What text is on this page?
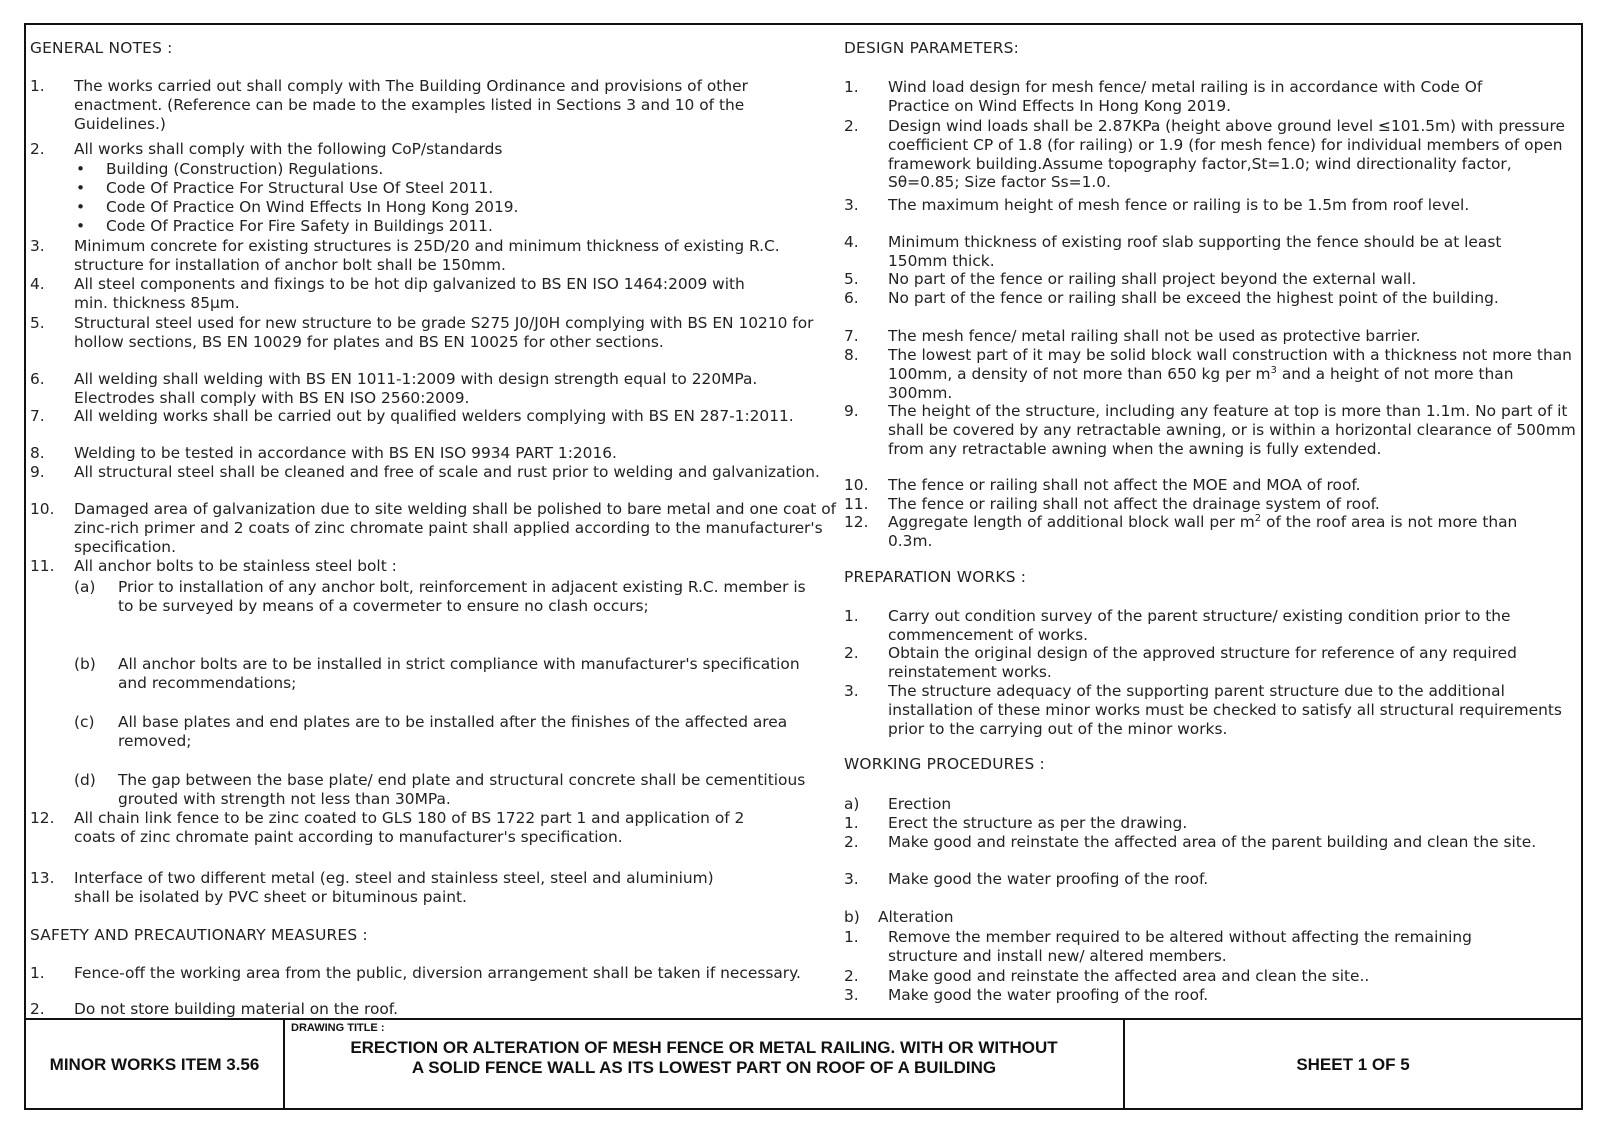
GENERAL NOTES :
1. The works carried out shall comply with The Building Ordinance and provisions of other enactment. (Reference can be made to the examples listed in Sections 3 and 10 of the Guidelines.)
2. All works shall comply with the following CoP/standards
• Building (Construction) Regulations.
• Code Of Practice For Structural Use Of Steel 2011.
• Code Of Practice On Wind Effects In Hong Kong 2019.
• Code Of Practice For Fire Safety in Buildings 2011.
3. Minimum concrete for existing structures is 25D/20 and minimum thickness of existing R.C. structure for installation of anchor bolt shall be 150mm.
4. All steel components and fixings to be hot dip galvanized to BS EN ISO 1464:2009 with min. thickness 85µm.
5. Structural steel used for new structure to be grade S275 J0/J0H complying with BS EN 10210 for hollow sections, BS EN 10029 for plates and BS EN 10025 for other sections.
6. All welding shall welding with BS EN 1011-1:2009 with design strength equal to 220MPa. Electrodes shall comply with BS EN ISO 2560:2009.
7. All welding works shall be carried out by qualified welders complying with BS EN 287-1:2011.
8. Welding to be tested in accordance with BS EN ISO 9934 PART 1:2016.
9. All structural steel shall be cleaned and free of scale and rust prior to welding and galvanization.
10. Damaged area of galvanization due to site welding shall be polished to bare metal and one coat of zinc-rich primer and 2 coats of zinc chromate paint shall applied according to the manufacturer's specification.
11. All anchor bolts to be stainless steel bolt :
(a) Prior to installation of any anchor bolt, reinforcement in adjacent existing R.C. member is to be surveyed by means of a covermeter to ensure no clash occurs;
(b) All anchor bolts are to be installed in strict compliance with manufacturer's specification and recommendations;
(c) All base plates and end plates are to be installed after the finishes of the affected area removed;
(d) The gap between the base plate/ end plate and structural concrete shall be cementitious grouted with strength not less than 30MPa.
12. All chain link fence to be zinc coated to GLS 180 of BS 1722 part 1 and application of 2 coats of zinc chromate paint according to manufacturer's specification.
13. Interface of two different metal (eg. steel and stainless steel, steel and aluminium) shall be isolated by PVC sheet or bituminous paint.
SAFETY AND PRECAUTIONARY MEASURES :
1. Fence-off the working area from the public, diversion arrangement shall be taken if necessary.
2. Do not store building material on the roof.
DESIGN PARAMETERS:
1. Wind load design for mesh fence/ metal railing is in accordance with Code Of Practice on Wind Effects In Hong Kong 2019.
2. Design wind loads shall be 2.87KPa (height above ground level ≤101.5m) with pressure coefficient CP of 1.8 (for railing) or 1.9 (for mesh fence) for individual members of open framework building.Assume topography factor,St=1.0; wind directionality factor, Sθ=0.85; Size factor Ss=1.0.
3. The maximum height of mesh fence or railing is to be 1.5m from roof level.
4. Minimum thickness of existing roof slab supporting the fence should be at least 150mm thick.
5. No part of the fence or railing shall project beyond the external wall.
6. No part of the fence or railing shall be exceed the highest point of the building.
7. The mesh fence/ metal railing shall not be used as protective barrier.
8. The lowest part of it may be solid block wall construction with a thickness not more than 100mm, a density of not more than 650 kg per $m^3$ and a height of not more than 300mm.
9. The height of the structure, including any feature at top is more than 1.1m. No part of it shall be covered by any retractable awning, or is within a horizontal clearance of 500mm from any retractable awning when the awning is fully extended.
10. The fence or railing shall not affect the MOE and MOA of roof.
11. The fence or railing shall not affect the drainage system of roof.
12. Aggregate length of additional block wall per $m^2$ of the roof area is not more than 0.3m.
PREPARATION WORKS :
1. Carry out condition survey of the parent structure/ existing condition prior to the commencement of works.
2. Obtain the original design of the approved structure for reference of any required reinstatement works.
3. The structure adequacy of the supporting parent structure due to the additional installation of these minor works must be checked to satisfy all structural requirements prior to the carrying out of the minor works.
WORKING PROCEDURES :
a) Erection
1. Erect the structure as per the drawing.
2. Make good and reinstate the affected area of the parent building and clean the site.
3. Make good the water proofing of the roof.
b) Alteration
1. Remove the member required to be altered without affecting the remaining structure and install new/ altered members.
2. Make good and reinstate the affected area and clean the site..
3. Make good the water proofing of the roof.
MINOR WORKS ITEM 3.56
DRAWING TITLE :
ERECTION OR ALTERATION OF MESH FENCE OR METAL RAILING. WITH OR WITHOUT
A SOLID FENCE WALL AS ITS LOWEST PART ON ROOF OF A BUILDING	SHEET 1 OF 5
